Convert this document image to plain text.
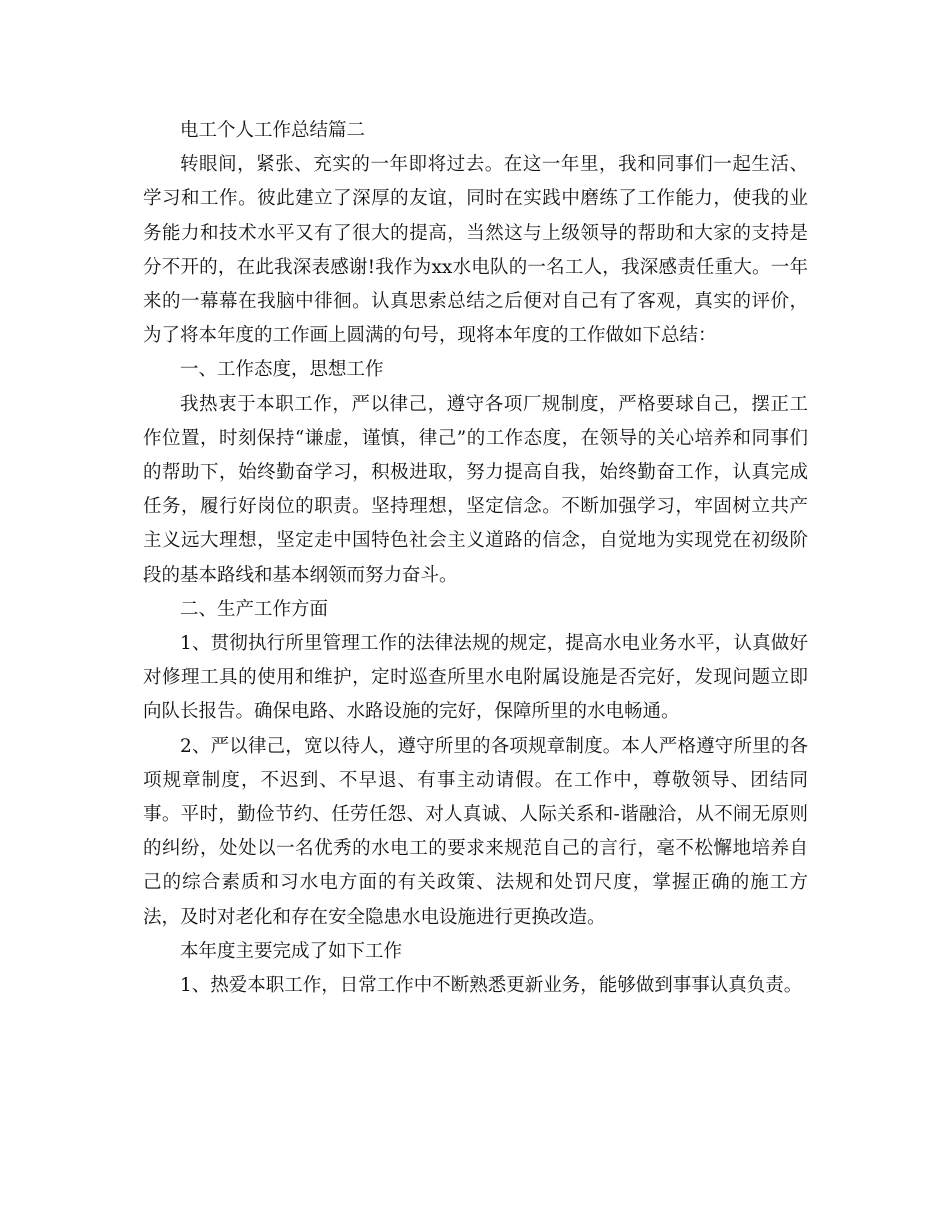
电工个人工作总结篇二

转眼间，紧张、充实的一年即将过去。在这一年里，我和同事们一起生活、学习和工作。彼此建立了深厚的友谊，同时在实践中磨练了工作能力，使我的业务能力和技术水平又有了很大的提高，当然这与上级领导的帮助和大家的支持是分不开的，在此我深表感谢!我作为xx水电队的一名工人，我深感责任重大。一年来的一幕幕在我脑中徘徊。认真思索总结之后便对自己有了客观，真实的评价，为了将本年度的工作画上圆满的句号，现将本年度的工作做如下总结：

一、工作态度，思想工作

我热衷于本职工作，严以律己，遵守各项厂规制度，严格要球自己，摆正工作位置，时刻保持“谦虚，谨慎，律己”的工作态度，在领导的关心培养和同事们的帮助下，始终勤奋学习，积极进取，努力提高自我，始终勤奋工作，认真完成任务，履行好岗位的职责。坚持理想，坚定信念。不断加强学习，牢固树立共产主义远大理想，坚定走中国特色社会主义道路的信念，自觉地为实现党在初级阶段的基本路线和基本纲领而努力奋斗。

二、生产工作方面

1、贯彻执行所里管理工作的法律法规的规定，提高水电业务水平，认真做好对修理工具的使用和维护，定时巡查所里水电附属设施是否完好，发现问题立即向队长报告。确保电路、水路设施的完好，保障所里的水电畅通。

2、严以律己，宽以待人，遵守所里的各项规章制度。本人严格遵守所里的各项规章制度，不迟到、不早退、有事主动请假。在工作中，尊敬领导、团结同事。平时，勤俭节约、任劳任怨、对人真诚、人际关系和-谐融洽，从不闹无原则的纠纷，处处以一名优秀的水电工的要求来规范自己的言行，毫不松懈地培养自己的综合素质和习水电方面的有关政策、法规和处罚尺度，掌握正确的施工方法，及时对老化和存在安全隐患水电设施进行更换改造。

本年度主要完成了如下工作

1、热爱本职工作，日常工作中不断熟悉更新业务，能够做到事事认真负责。
